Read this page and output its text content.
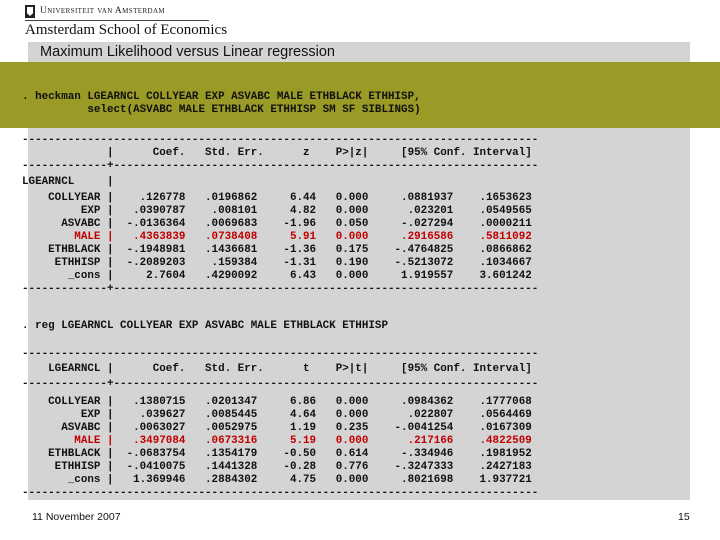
Universiteit van Amsterdam
Amsterdam School of Economics
Maximum Likelihood versus Linear regression
. heckman LGEARNCL COLLYEAR EXP ASVABC MALE ETHBLACK ETHHISP,
select(ASVABC MALE ETHBLACK ETHHISP SM SF SIBLINGS)
-------------------------------------------------------------------------------
|      Coef.   Std. Err.      z    P>|z|     [95% Conf. Interval]
-------------+-----------------------------------------------------------------
LGEARNCL     |
COLLYEAR |    .126778   .0196862     6.44   0.000     .0881937    .1653623
EXP |   .0390787    .008101     4.82   0.000      .023201    .0549565
ASVABC |  -.0136364   .0069683    -1.96   0.050     -.027294    .0000211
MALE |   .4363839   .0738408     5.91   0.000     .2916586    .5811092
ETHBLACK |  -.1948981   .1436681    -1.36   0.175    -.4764825    .0866862
ETHHISP |  -.2089203    .159384    -1.31   0.190    -.5213072    .1034667
_cons |     2.7604   .4290092     6.43   0.000     1.919557    3.601242
-------------+-----------------------------------------------------------------
. reg LGEARNCL COLLYEAR EXP ASVABC MALE ETHBLACK ETHHISP
-------------------------------------------------------------------------------
LGEARNCL |      Coef.   Std. Err.      t    P>|t|     [95% Conf. Interval]
-------------+-----------------------------------------------------------------
COLLYEAR |   .1380715   .0201347     6.86   0.000     .0984362    .1777068
EXP |    .039627   .0085445     4.64   0.000      .022807    .0564469
ASVABC |   .0063027   .0052975     1.19   0.235    -.0041254    .0167309
MALE |   .3497084   .0673316     5.19   0.000      .217166    .4822509
ETHBLACK |  -.0683754   .1354179    -0.50   0.614     -.334946    .1981952
ETHHISP |  -.0410075   .1441328    -0.28   0.776    -.3247333    .2427183
_cons |   1.369946   .2884302     4.75   0.000     .8021698    1.937721
-------------------------------------------------------------------------------
11 November 2007	15
